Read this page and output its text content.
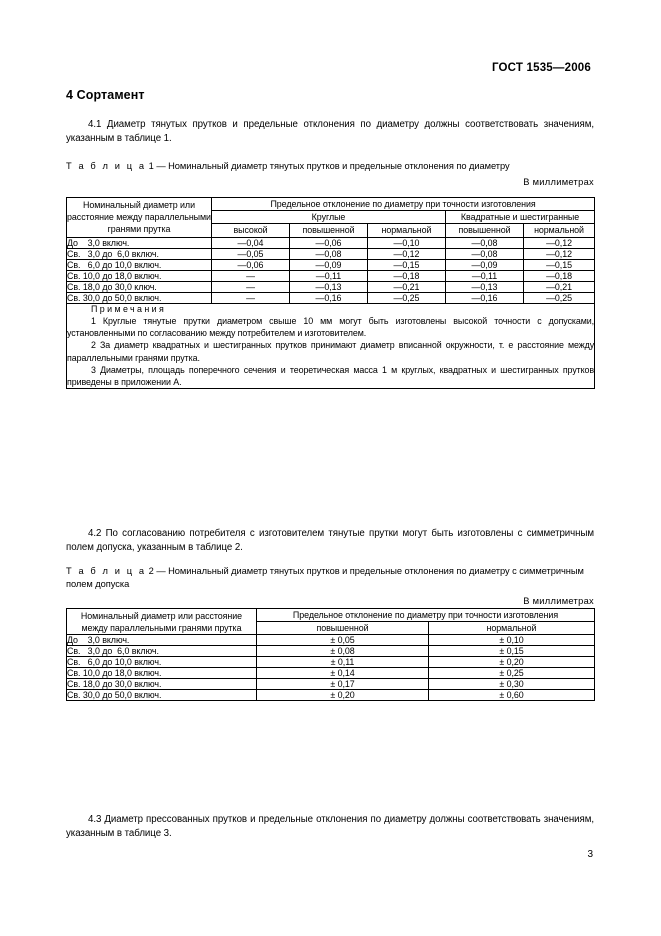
ГОСТ 1535—2006
4 Сортамент

4.1 Диаметр тянутых прутков и предельные отклонения по диаметру должны соответствовать значениям, указанным в таблице 1.

Т а б л и ц а 1 — Номинальный диаметр тянутых прутков и предельные отклонения по диаметру

В миллиметрах

Номинальный диаметр или расстояние между параллельными гранями прутка	Предельное отклонение по диаметру при точности изготовления				
	Круглые			Квадратные и шестигранные	
	высокой	повышенной	нормальной	повышенной	нормальной
До    3,0 включ.	—0,04	—0,06	—0,10	—0,08	—0,12
Св.   3,0 до  6,0 включ.	—0,05	—0,08	—0,12	—0,08	—0,12
Св.   6,0 до 10,0 включ.	—0,06	—0,09	—0,15	—0,09	—0,15
Св. 10,0 до 18,0 включ.	—	—0,11	—0,18	—0,11	—0,18
Св. 18,0 до 30,0 ключ.	—	—0,13	—0,21	—0,13	—0,21
Св. 30,0 до 50,0 включ.	—	—0,16	—0,25	—0,16	—0,25

Примечания

1 Круглые тянутые прутки диаметром свыше 10 мм могут быть изготовлены высокой точности с допусками, установленными по согласованию между потребителем и изготовителем.

2 За диаметр квадратных и шестигранных прутков принимают диаметр вписанной окружности, т. е расстояние между параллельными гранями прутка.

3 Диаметры, площадь поперечного сечения и теоретическая масса 1 м круглых, квадратных и шестигранных прутков приведены в приложении А.					

4.2 По согласованию потребителя с изготовителем тянутые прутки могут быть изготовлены с симметричным полем допуска, указанным в таблице 2.

Т а б л и ц а 2 — Номинальный диаметр тянутых прутков и предельные отклонения по диаметру с симметричным полем допуска

В миллиметрах

Номинальный диаметр или расстояние между параллельными гранями прутка	Предельное отклонение по диаметру при точности изготовления	
	повышенной	нормальной
До    3,0 включ.	± 0,05	± 0,10
Св.   3,0 до  6,0 включ.	± 0,08	± 0,15
Св.   6,0 до 10,0 включ.	± 0,11	± 0,20
Св. 10,0 до 18,0 включ.	± 0,14	± 0,25
Св. 18,0 до 30,0 включ.	± 0,17	± 0,30
Св. 30,0 до 50,0 включ.	± 0,20	± 0,60

4.3 Диаметр прессованных прутков и предельные отклонения по диаметру должны соответствовать значениям, указанным в таблице 3.

3
